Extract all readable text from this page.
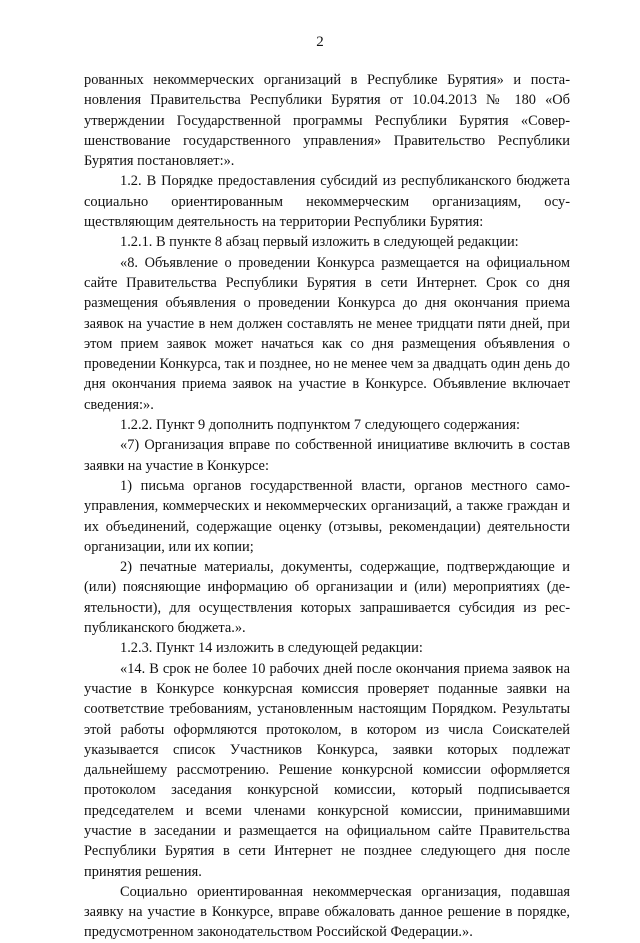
2

рованных некоммерческих организаций в Республике Бурятия» и постановления Правительства Республики Бурятия от 10.04.2013 № 180 «Об утверждении Государственной программы Республики Бурятия «Совершенствование государственного управления» Правительство Республики Бурятия постановляет:».

1.2. В Порядке предоставления субсидий из республиканского бюджета социально ориентированным некоммерческим организациям, осуществляющим деятельность на территории Республики Бурятия:

1.2.1. В пункте 8 абзац первый изложить в следующей редакции:

«8. Объявление о проведении Конкурса размещается на официальном сайте Правительства Республики Бурятия в сети Интернет. Срок со дня размещения объявления о проведении Конкурса до дня окончания приема заявок на участие в нем должен составлять не менее тридцати пяти дней, при этом прием заявок может начаться как со дня размещения объявления о проведении Конкурса, так и позднее, но не менее чем за двадцать один день до дня окончания приема заявок на участие в Конкурсе. Объявление включает сведения:».

1.2.2. Пункт 9 дополнить подпунктом 7 следующего содержания:

«7) Организация вправе по собственной инициативе включить в состав заявки на участие в Конкурсе:

1) письма органов государственной власти, органов местного самоуправления, коммерческих и некоммерческих организаций, а также граждан и их объединений, содержащие оценку (отзывы, рекомендации) деятельности организации, или их копии;

2) печатные материалы, документы, содержащие, подтверждающие и (или) поясняющие информацию об организации и (или) мероприятиях (деятельности), для осуществления которых запрашивается субсидия из республиканского бюджета.».

1.2.3. Пункт 14 изложить в следующей редакции:

«14. В срок не более 10 рабочих дней после окончания приема заявок на участие в Конкурсе конкурсная комиссия проверяет поданные заявки на соответствие требованиям, установленным настоящим Порядком. Результаты этой работы оформляются протоколом, в котором из числа Соискателей указывается список Участников Конкурса, заявки которых подлежат дальнейшему рассмотрению. Решение конкурсной комиссии оформляется протоколом заседания конкурсной комиссии, который подписывается председателем и всеми членами конкурсной комиссии, принимавшими участие в заседании и размещается на официальном сайте Правительства Республики Бурятия в сети Интернет не позднее следующего дня после принятия решения.

Социально ориентированная некоммерческая организация, подавшая заявку на участие в Конкурсе, вправе обжаловать данное решение в порядке, предусмотренном законодательством Российской Федерации.».
